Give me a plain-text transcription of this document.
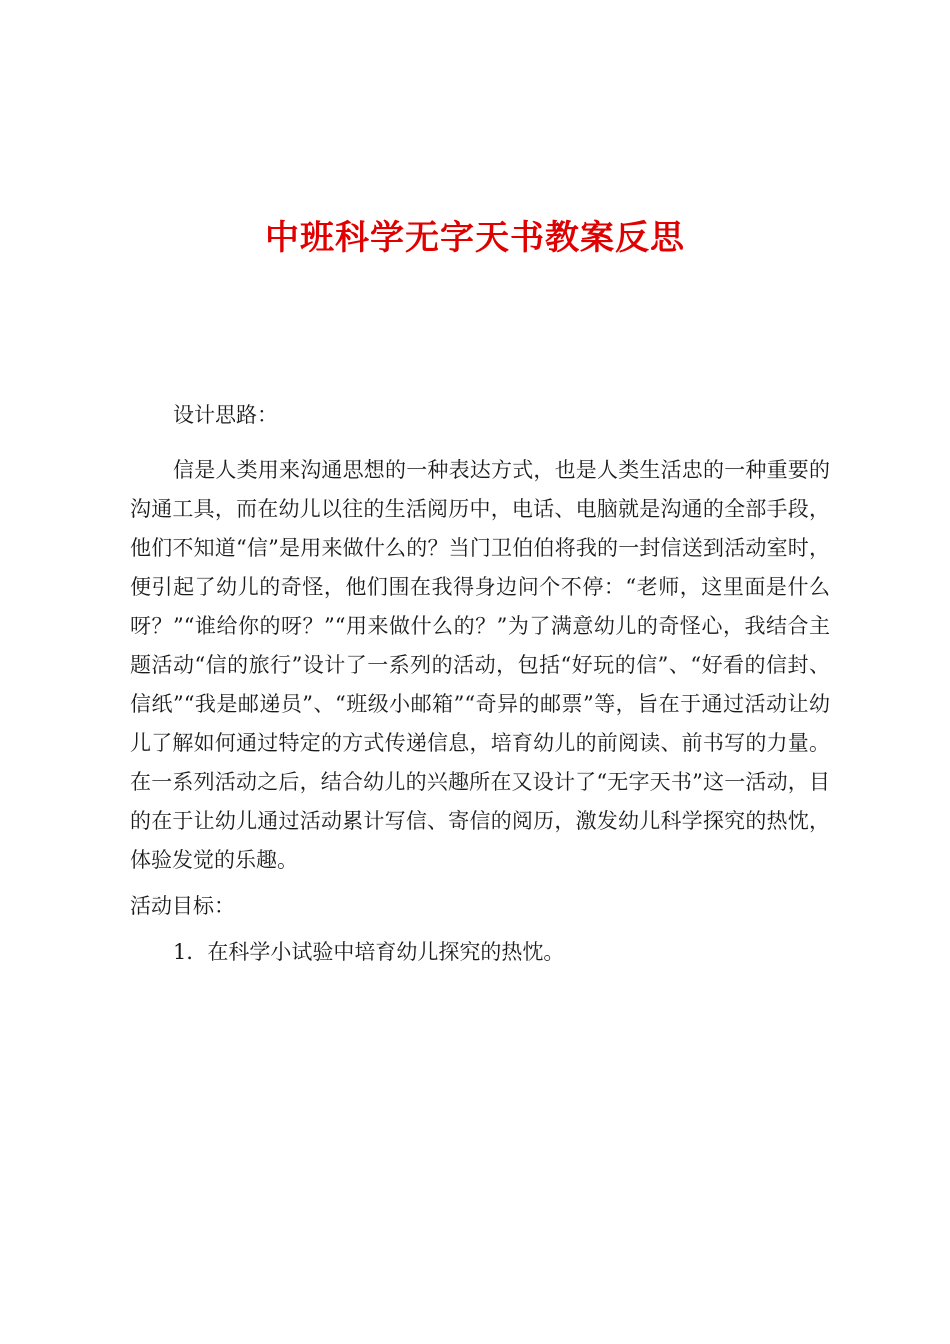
中班科学无字天书教案反思

设计思路：

信是人类用来沟通思想的一种表达方式，也是人类生活忠的一种重要的沟通工具，而在幼儿以往的生活阅历中，电话、电脑就是沟通的全部手段，他们不知道“信”是用来做什么的？当门卫伯伯将我的一封信送到活动室时，便引起了幼儿的奇怪，他们围在我得身边问个不停：“老师，这里面是什么呀？”“谁给你的呀？”“用来做什么的？”为了满意幼儿的奇怪心，我结合主题活动“信的旅行”设计了一系列的活动，包括“好玩的信”、“好看的信封、信纸”“我是邮递员”、“班级小邮箱”“奇异的邮票”等，旨在于通过活动让幼儿了解如何通过特定的方式传递信息，培育幼儿的前阅读、前书写的力量。在一系列活动之后，结合幼儿的兴趣所在又设计了“无字天书”这一活动，目的在于让幼儿通过活动累计写信、寄信的阅历，激发幼儿科学探究的热忱，体验发觉的乐趣。

活动目标：

1．在科学小试验中培育幼儿探究的热忱。
